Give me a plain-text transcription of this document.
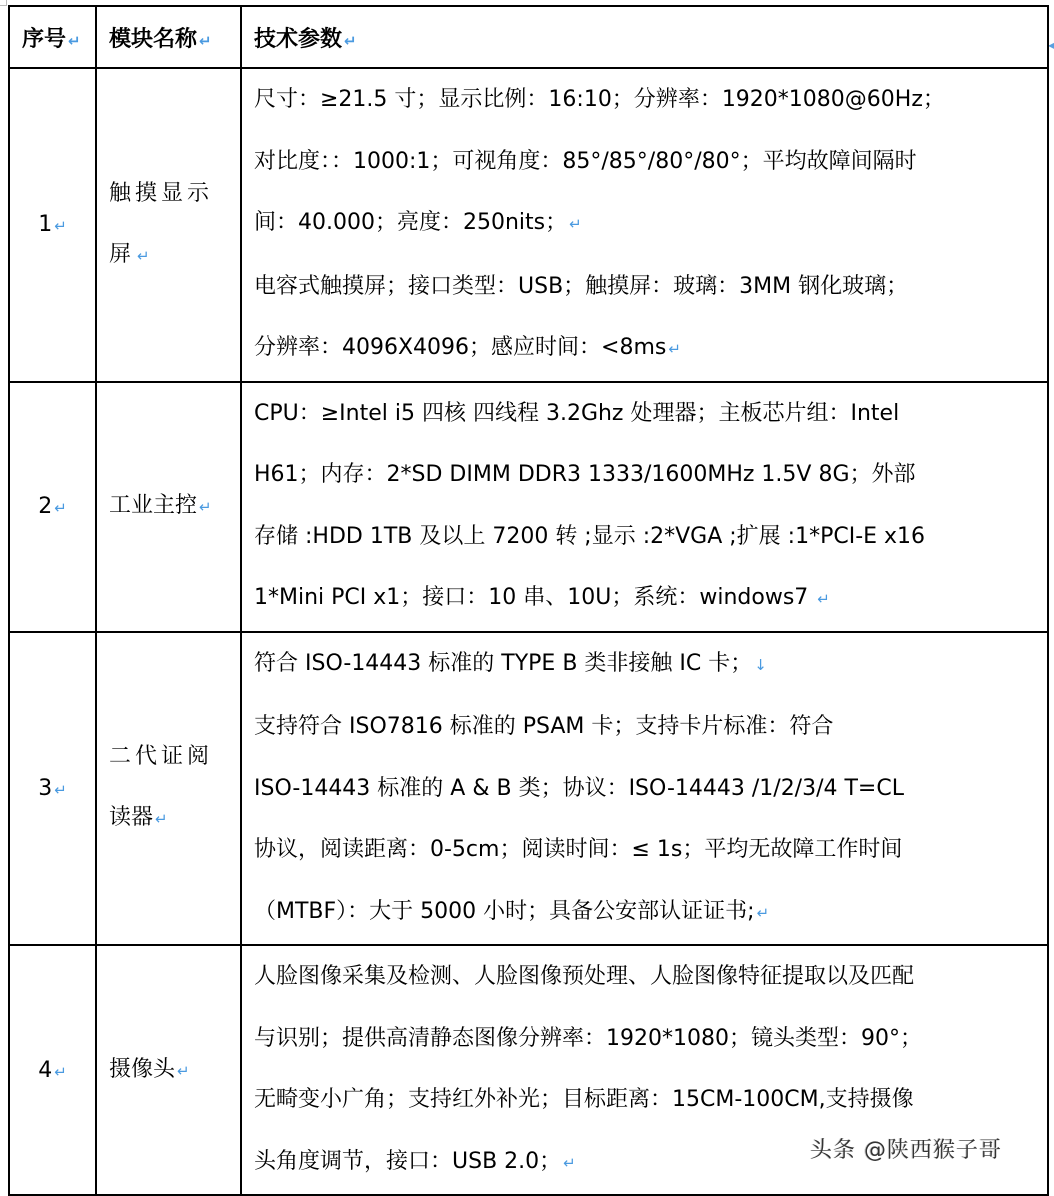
◂
序号 ↵	模块名称 ↵	技术参数 ↵
1 ↵	触摸显示
屏 ↵	尺寸：≥21.5 寸；显示比例：16:10；分辨率：1920*1080@60Hz；
对比度：：1000:1；可视角度：85°/85°/80°/80°；平均故障间隔时
间：40.000；亮度：250nits； ↵
电容式触摸屏；接口类型：USB；触摸屏：玻璃：3MM 钢化玻璃；
分辨率：4096X4096；感应时间：<8ms ↵

2 ↵	工业主控 ↵	CPU：≥Intel i5 四核 四线程 3.2Ghz 处理器；主板芯片组：Intel
H61；内存：2*SD DIMM DDR3 1333/1600MHz 1.5V 8G；外部
存储 :HDD 1TB 及以上 7200 转 ;显示 :2*VGA ;扩展 :1*PCI-E x16
1*Mini PCI x1；接口：10 串、10U；系统：windows7 ↵

3 ↵	二代证阅
读器 ↵	符合 ISO-14443 标准的 TYPE B 类非接触 IC 卡； ↓
支持符合 ISO7816 标准的 PSAM 卡；支持卡片标准：符合
ISO-14443 标准的 A & B 类；协议：ISO-14443 /1/2/3/4 T=CL
协议，阅读距离：0-5cm；阅读时间：≤ 1s；平均无故障工作时间
（MTBF）：大于 5000 小时；具备公安部认证证书; ↵

4 ↵	摄像头 ↵	人脸图像采集及检测、人脸图像预处理、人脸图像特征提取以及匹配
与识别；提供高清静态图像分辨率：1920*1080；镜头类型：90°；
无畸变小广角；支持红外补光；目标距离：15CM-100CM,支持摄像
头角度调节，接口：USB 2.0； ↵	头条 @陕西猴子哥
